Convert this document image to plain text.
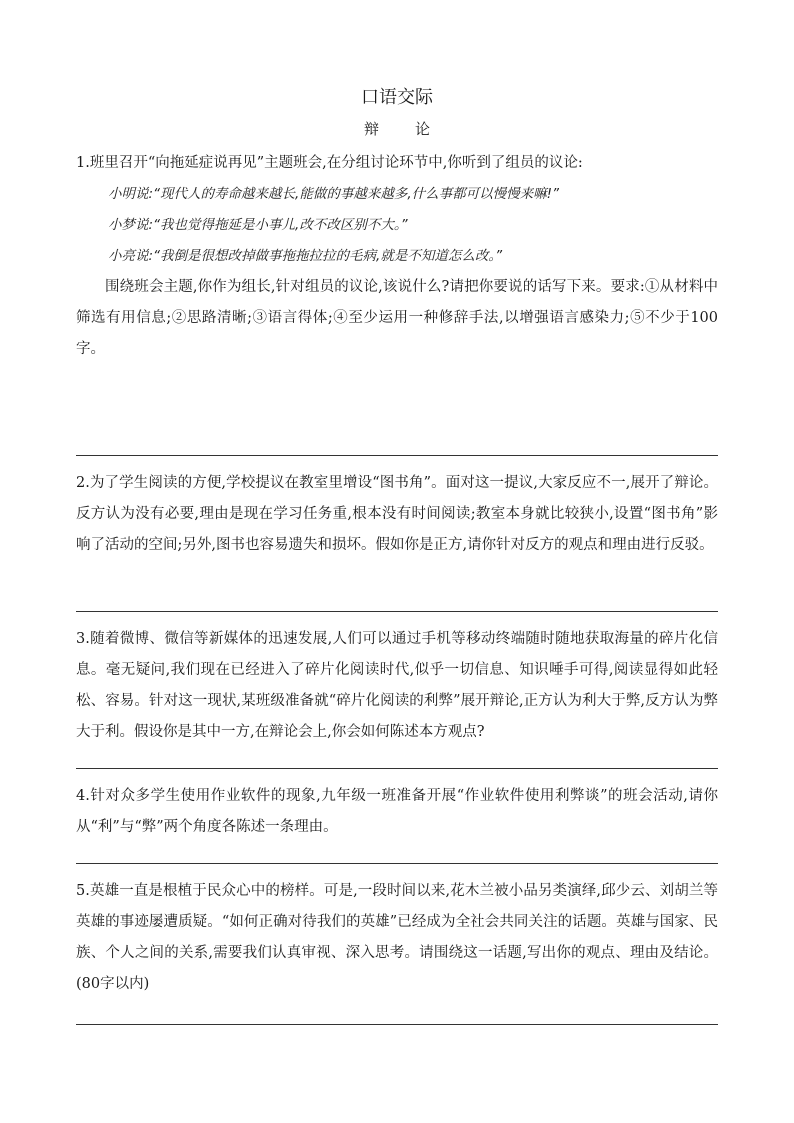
口语交际
辩 论

1.班里召开“向拖延症说再见”主题班会,在分组讨论环节中,你听到了组员的议论:

小明说:“现代人的寿命越来越长,能做的事越来越多,什么事都可以慢慢来嘛!”

小梦说:“我也觉得拖延是小事儿,改不改区别不大。”

小亮说:“我倒是很想改掉做事拖拖拉拉的毛病,就是不知道怎么改。”

围绕班会主题,你作为组长,针对组员的议论,该说什么?请把你要说的话写下来。要求:①从材料中筛选有用信息;②思路清晰;③语言得体;④至少运用一种修辞手法,以增强语言感染力;⑤不少于100字。

2.为了学生阅读的方便,学校提议在教室里增设“图书角”。面对这一提议,大家反应不一,展开了辩论。反方认为没有必要,理由是现在学习任务重,根本没有时间阅读;教室本身就比较狭小,设置“图书角”影响了活动的空间;另外,图书也容易遗失和损坏。假如你是正方,请你针对反方的观点和理由进行反驳。

3.随着微博、微信等新媒体的迅速发展,人们可以通过手机等移动终端随时随地获取海量的碎片化信息。毫无疑问,我们现在已经进入了碎片化阅读时代,似乎一切信息、知识唾手可得,阅读显得如此轻松、容易。针对这一现状,某班级准备就“碎片化阅读的利弊”展开辩论,正方认为利大于弊,反方认为弊大于利。假设你是其中一方,在辩论会上,你会如何陈述本方观点?

4.针对众多学生使用作业软件的现象,九年级一班准备开展“作业软件使用利弊谈”的班会活动,请你从“利”与“弊”两个角度各陈述一条理由。

5.英雄一直是根植于民众心中的榜样。可是,一段时间以来,花木兰被小品另类演绎,邱少云、刘胡兰等英雄的事迹屡遭质疑。“如何正确对待我们的英雄”已经成为全社会共同关注的话题。英雄与国家、民族、个人之间的关系,需要我们认真审视、深入思考。请围绕这一话题,写出你的观点、理由及结论。(80字以内)
